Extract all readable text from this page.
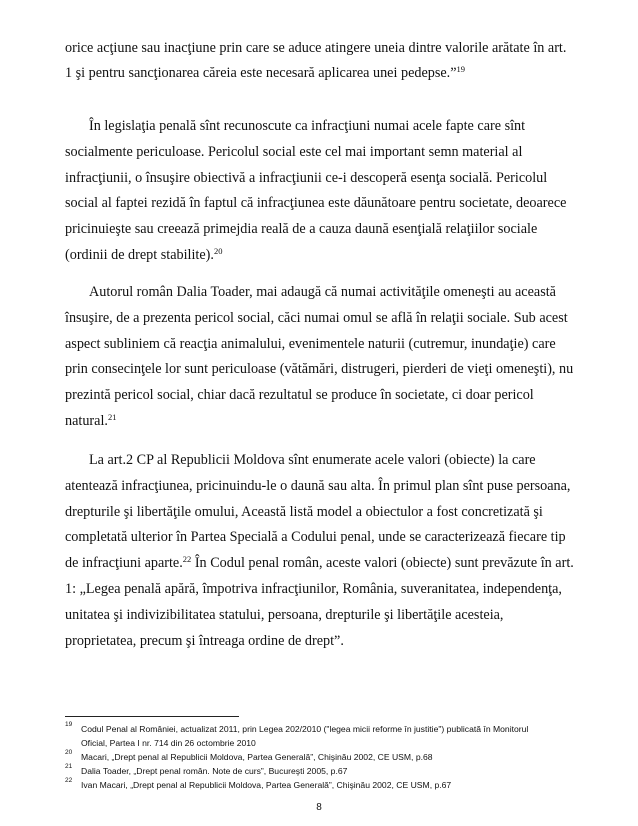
orice acţiune sau inacţiune prin care se aduce atingere uneia dintre valorile arătate în art.
1 şi pentru sancţionarea căreia este necesară aplicarea unei pedepse.”$^{19}$
În legislaţia penală sînt recunoscute ca infracţiuni numai acele fapte care sînt
socialmente periculoase. Pericolul social este cel mai important semn material al
infracţiunii, o însuşire obiectivă a infracţiunii ce-i descoperă esenţa socială. Pericolul
social al faptei rezidă în faptul că infracţiunea este dăunătoare pentru societate, deoarece
pricinuieşte sau creează primejdia reală de a cauza daună esenţială relaţiilor sociale
(ordinii de drept stabilite).$^{20}$
Autorul român Dalia Toader, mai adaugă că numai activităţile omeneşti au această
însuşire, de a prezenta pericol social, căci numai omul se află în relaţii sociale. Sub acest
aspect subliniem că reacţia animalului, evenimentele naturii (cutremur, inundaţie) care
prin consecinţele lor sunt periculoase (vătămări, distrugeri, pierderi de vieţi omeneşti), nu
prezintă pericol social, chiar dacă rezultatul se produce în societate, ci doar pericol
natural.$^{21}$
La art.2 CP al Republicii Moldova sînt enumerate acele valori (obiecte) la care
atentează infracţiunea, pricinuindu-le o daună sau alta. În primul plan sînt puse persoana,
drepturile şi libertăţile omului, Această listă model a obiectulor a fost concretizată şi
completată ulterior în Partea Specială a Codului penal, unde se caracterizează fiecare tip
de infracţiuni aparte.$^{22}$ În Codul penal român, aceste valori (obiecte) sunt prevăzute în art.
1: „Legea penală apără, împotriva infracţiunilor, România, suveranitatea, independenţa,
unitatea şi indivizibilitatea statului, persoana, drepturile şi libertăţile acesteia,
proprietatea, precum şi întreaga ordine de drept”.
19 Codul Penal al României, actualizat 2011, prin Legea 202/2010 ("legea micii reforme în justitie") publicată în Monitorul
Oficial, Partea I nr. 714 din 26 octombrie 2010
20 Macari, „Drept penal al Republicii Moldova, Partea Generală”, Chişinău 2002, CE USM, p.68
21 Dalia Toader, „Drept penal român. Note de curs”, Bucureşti 2005, p.67
22 Ivan Macari, „Drept penal al Republicii Moldova, Partea Generală”, Chişinău 2002, CE USM, p.67
8
